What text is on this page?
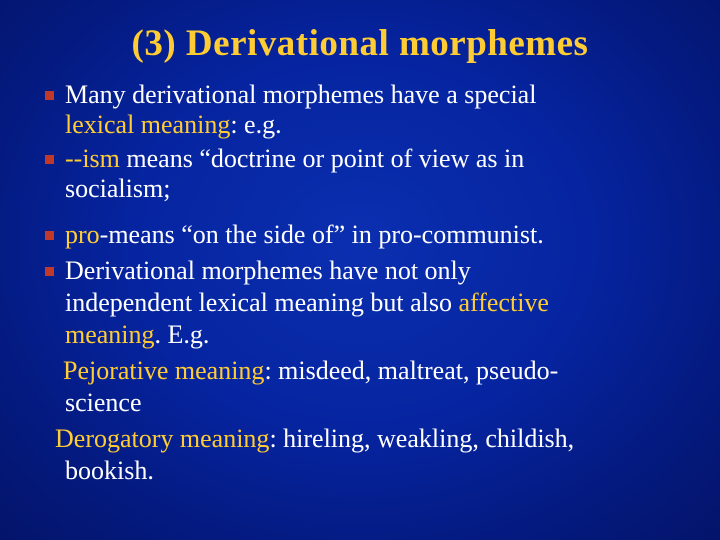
(3) Derivational morphemes
Many derivational morphemes have a special
lexical meaning: e.g.
--ism means “doctrine or point of view as in
socialism;
pro-means “on the side of” in pro-communist.
Derivational morphemes have not only
independent lexical meaning but also affective
meaning. E.g.
Pejorative meaning: misdeed, maltreat, pseudo-
science
Derogatory meaning: hireling, weakling, childish,
bookish.
